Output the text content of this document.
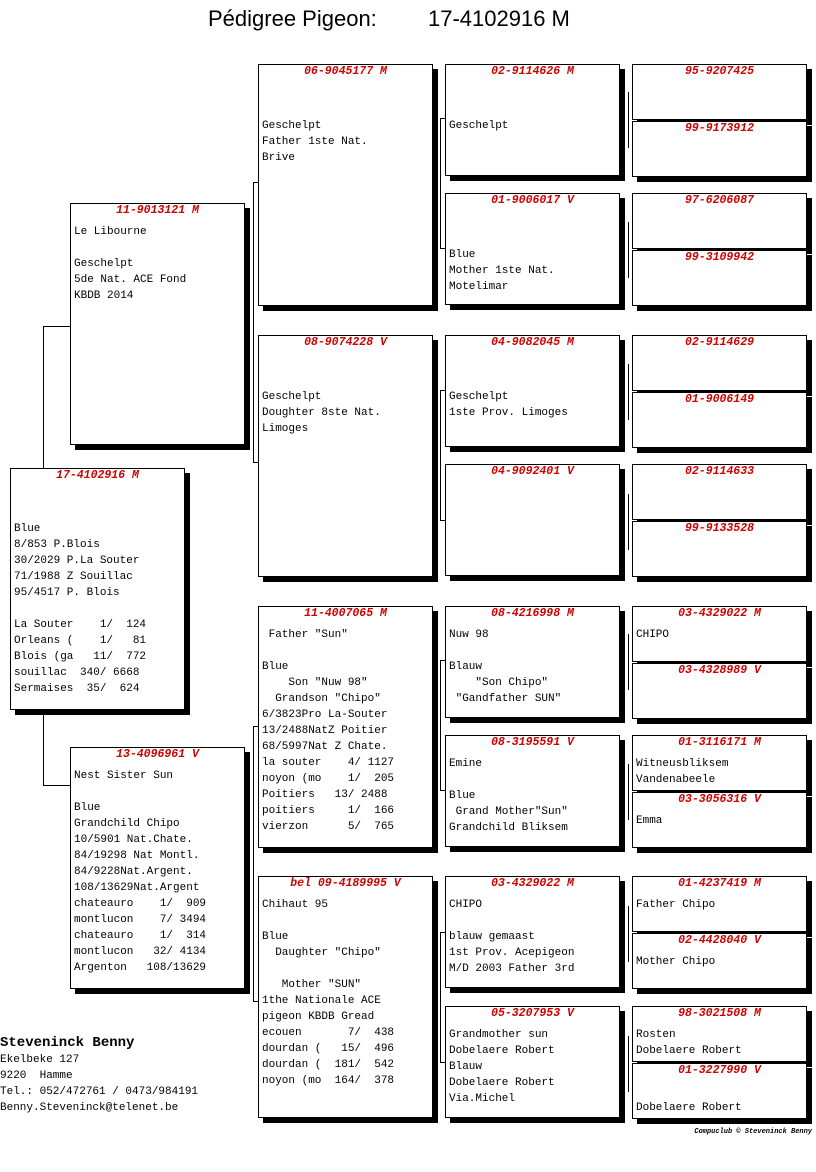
Pédigree Pigeon: 17-4102916 M
17-4102916 M

Blue
8/853 P.Blois
30/2029 P.La Souter
71/1988 Z Souillac
95/4517 P. Blois

La Souter    1/  124
Orleans (    1/   81
Blois (ga   11/  772
souillac  340/ 6668
Sermaises  35/  624
11-9013121 M
Le Libourne

Geschelpt
5de Nat. ACE Fond
KBDB 2014
13-4096961 V
Nest Sister Sun

Blue
Grandchild Chipo
10/5901 Nat.Chate.
84/19298 Nat Montl.
84/9228Nat.Argent.
108/13629Nat.Argent
chateauro    1/  909
montlucon    7/ 3494
chateauro    1/  314
montlucon   32/ 4134
Argenton   108/13629
06-9045177 M
Geschelpt
Father 1ste Nat.
Brive
08-9074228 V
Geschelpt
Doughter 8ste Nat.
Limoges
11-4007065 M
Father "Sun"

Blue
Son "Nuw 98"
Grandson "Chipo"
6/3823Pro La-Souter
13/2488NatZ Poitier
68/5997Nat Z Chate.
la souter    4/ 1127
noyon (mo    1/  205
Poitiers   13/ 2488
poitiers     1/  166
vierzon      5/  765
bel 09-4189995 V
Chihaut 95

Blue
Daughter "Chipo"

Mother "SUN"
1the Nationale ACE
pigeon KBDB Gread
ecouen       7/  438
dourdan (   15/  496
dourdan (  181/  542
noyon (mo  164/  378
02-9114626 M
Geschelpt
01-9006017 V
Blue
Mother 1ste Nat.
Motelimar
04-9082045 M
Geschelpt
1ste Prov. Limoges
04-9092401 V
08-4216998 M
Nuw 98

Blauw
"Son Chipo"
"Gandfather SUN"
08-3195591 V
Emine

Blue
Grand Mother"Sun"
Grandchild Bliksem
03-4329022 M
CHIPO

blauw gemaast
1st Prov. Acepigeon
M/D 2003 Father 3rd
05-3207953 V
Grandmother sun
Dobelaere Robert
Blauw
Dobelaere Robert
Via.Michel
95-9207425
99-9173912
97-6206087
99-3109942
02-9114629
01-9006149
02-9114633
99-9133528
03-4329022 M
CHIPO
03-4328989 V
01-3116171 M
Witneusbliksem
Vandenabeele
03-3056316 V
Emma
01-4237419 M
Father Chipo
02-4428040 V
Mother Chipo
98-3021508 M
Rosten
Dobelaere Robert
01-3227990 V

Dobelaere Robert
Steveninck Benny
Ekelbeke 127
9220  Hamme
Tel.: 052/472761 / 0473/984191
Benny.Steveninck@telenet.be
Compuclub © Steveninck Benny
